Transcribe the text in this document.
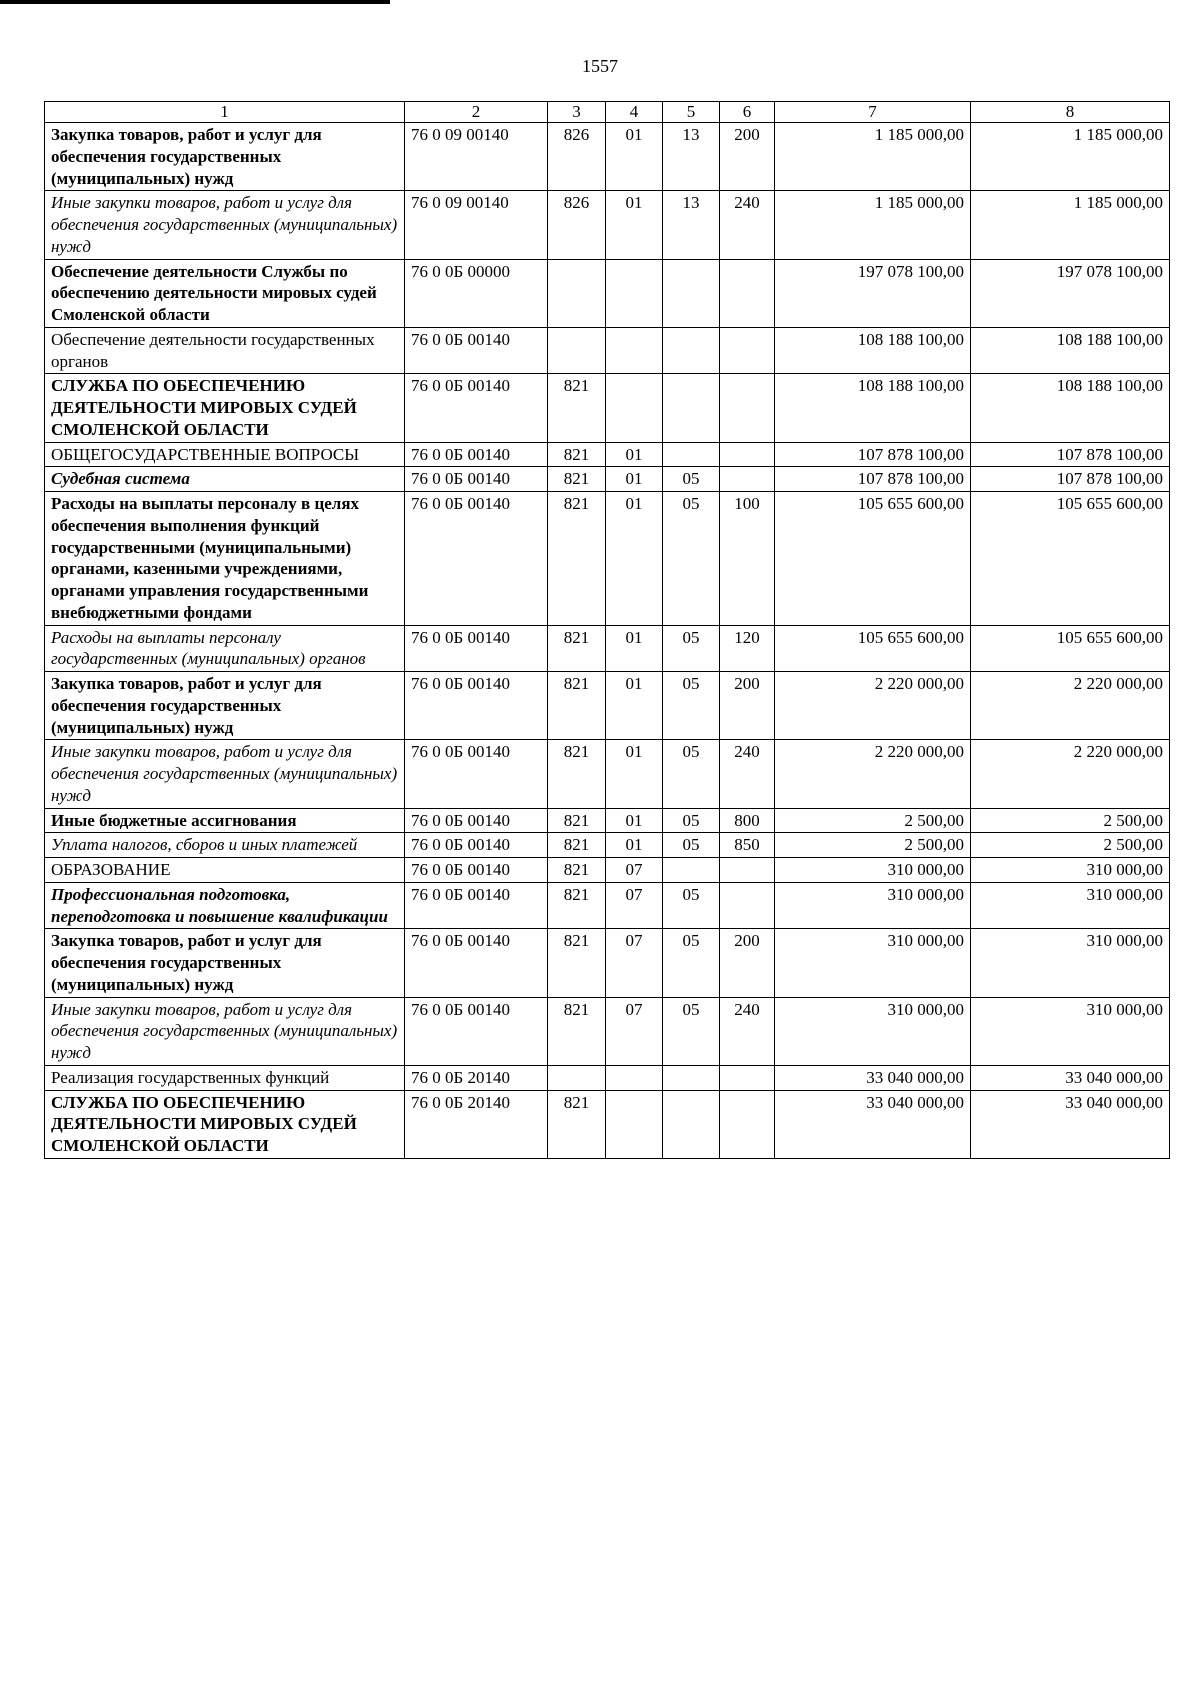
1557
1	2	3	4	5	6	7	8
Закупка товаров, работ и услуг для обеспечения государственных (муниципальных) нужд	76 0 09 00140	826	01	13	200	1 185 000,00	1 185 000,00
Иные закупки товаров, работ и услуг для обеспечения государственных (муниципальных) нужд	76 0 09 00140	826	01	13	240	1 185 000,00	1 185 000,00
Обеспечение деятельности Службы по обеспечению деятельности мировых судей Смоленской области	76 0 0Б 00000					197 078 100,00	197 078 100,00
Обеспечение деятельности государственных органов	76 0 0Б 00140					108 188 100,00	108 188 100,00
СЛУЖБА ПО ОБЕСПЕЧЕНИЮ ДЕЯТЕЛЬНОСТИ МИРОВЫХ СУДЕЙ СМОЛЕНСКОЙ ОБЛАСТИ	76 0 0Б 00140	821				108 188 100,00	108 188 100,00
ОБЩЕГОСУДАРСТВЕННЫЕ ВОПРОСЫ	76 0 0Б 00140	821	01			107 878 100,00	107 878 100,00
Судебная система	76 0 0Б 00140	821	01	05		107 878 100,00	107 878 100,00
Расходы на выплаты персоналу в целях обеспечения выполнения функций государственными (муниципальными) органами, казенными учреждениями, органами управления государственными внебюджетными фондами	76 0 0Б 00140	821	01	05	100	105 655 600,00	105 655 600,00
Расходы на выплаты персоналу государственных (муниципальных) органов	76 0 0Б 00140	821	01	05	120	105 655 600,00	105 655 600,00
Закупка товаров, работ и услуг для обеспечения государственных (муниципальных) нужд	76 0 0Б 00140	821	01	05	200	2 220 000,00	2 220 000,00
Иные закупки товаров, работ и услуг для обеспечения государственных (муниципальных) нужд	76 0 0Б 00140	821	01	05	240	2 220 000,00	2 220 000,00
Иные бюджетные ассигнования	76 0 0Б 00140	821	01	05	800	2 500,00	2 500,00
Уплата налогов, сборов и иных платежей	76 0 0Б 00140	821	01	05	850	2 500,00	2 500,00
ОБРАЗОВАНИЕ	76 0 0Б 00140	821	07			310 000,00	310 000,00
Профессиональная подготовка, переподготовка и повышение квалификации	76 0 0Б 00140	821	07	05		310 000,00	310 000,00
Закупка товаров, работ и услуг для обеспечения государственных (муниципальных) нужд	76 0 0Б 00140	821	07	05	200	310 000,00	310 000,00
Иные закупки товаров, работ и услуг для обеспечения государственных (муниципальных) нужд	76 0 0Б 00140	821	07	05	240	310 000,00	310 000,00
Реализация государственных функций	76 0 0Б 20140					33 040 000,00	33 040 000,00
СЛУЖБА ПО ОБЕСПЕЧЕНИЮ ДЕЯТЕЛЬНОСТИ МИРОВЫХ СУДЕЙ СМОЛЕНСКОЙ ОБЛАСТИ	76 0 0Б 20140	821				33 040 000,00	33 040 000,00
